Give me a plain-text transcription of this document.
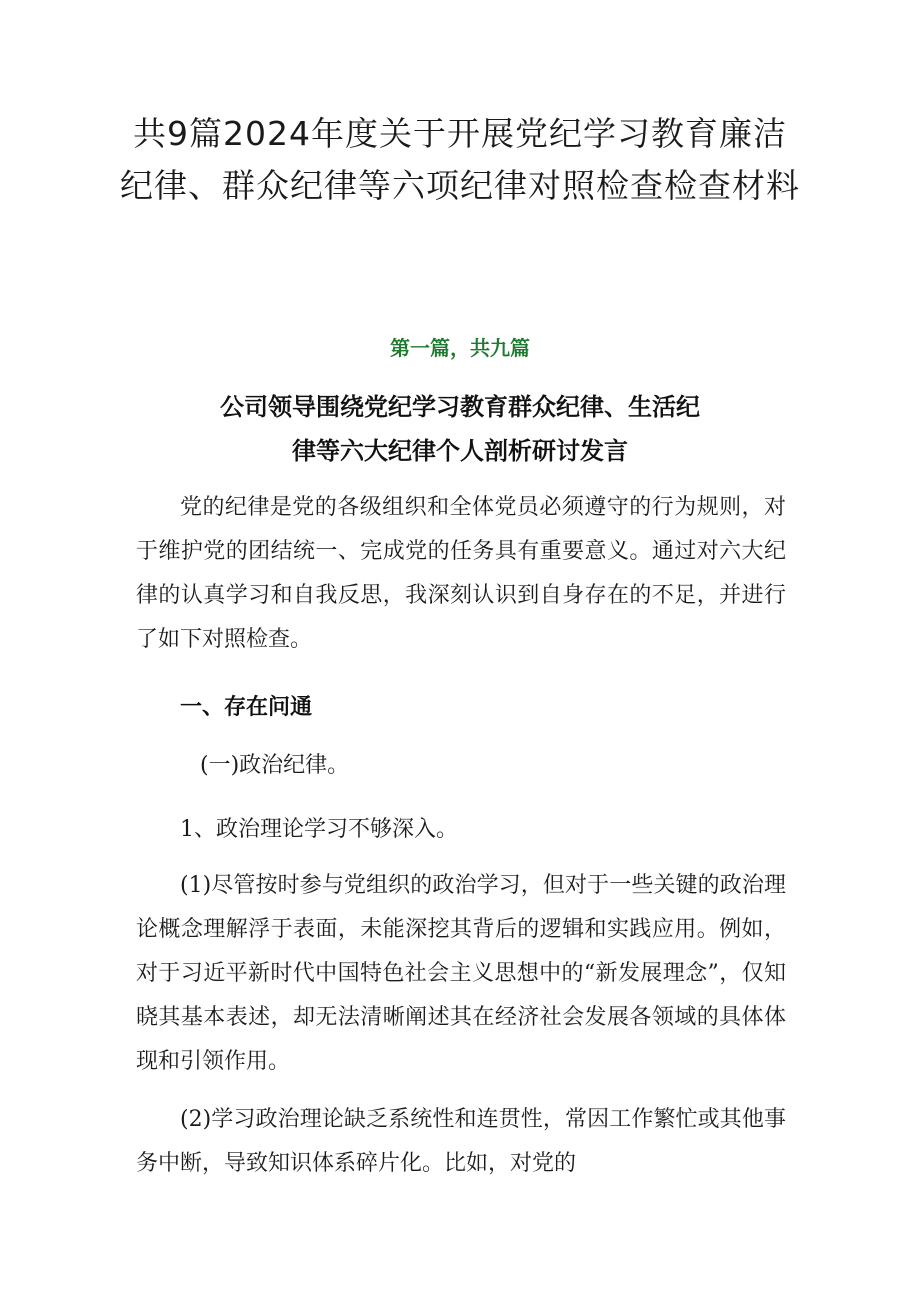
共9篇2024年度关于开展党纪学习教育廉洁纪律、群众纪律等六项纪律对照检查检查材料
第一篇，共九篇
公司领导围绕党纪学习教育群众纪律、生活纪
律等六大纪律个人剖析研讨发言

党的纪律是党的各级组织和全体党员必须遵守的行为规则，对于维护党的团结统一、完成党的任务具有重要意义。通过对六大纪律的认真学习和自我反思，我深刻认识到自身存在的不足，并进行了如下对照检查。

一、存在问通
(一)政治纪律。
1、政治理论学习不够深入。

(1)尽管按时参与党组织的政治学习，但对于一些关键的政治理论概念理解浮于表面，未能深挖其背后的逻辑和实践应用。例如，对于习近平新时代中国特色社会主义思想中的“新发展理念”，仅知晓其基本表述，却无法清晰阐述其在经济社会发展各领域的具体体现和引领作用。

(2)学习政治理论缺乏系统性和连贯性，常因工作繁忙或其他事务中断，导致知识体系碎片化。比如，对党的
